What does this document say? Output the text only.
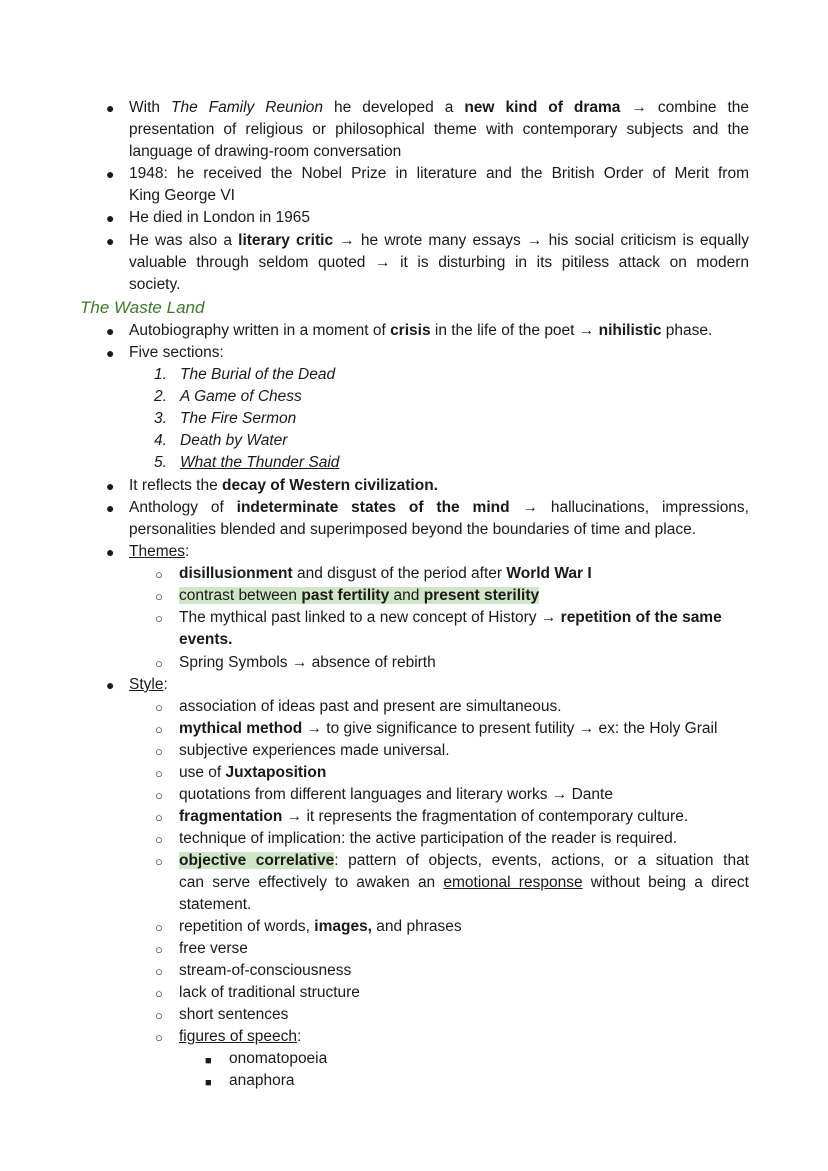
●
With The Family Reunion he developed a new kind of drama → combine the
presentation of religious or philosophical theme with contemporary subjects and the
language of drawing-room conversation
●
1948: he received the Nobel Prize in literature and the British Order of Merit from
King George VI
●
He died in London in 1965
●
He was also a literary critic → he wrote many essays → his social criticism is equally
valuable through seldom quoted → it is disturbing in its pitiless attack on modern
society.
The Waste Land
●
Autobiography written in a moment of crisis in the life of the poet → nihilistic phase.
●
Five sections:
1. The Burial of the Dead
2. A Game of Chess
3. The Fire Sermon
4. Death by Water
5. What the Thunder Said
●
It reflects the decay of Western civilization.
●
Anthology of indeterminate states of the mind → hallucinations, impressions,
personalities blended and superimposed beyond the boundaries of time and place.
●
Themes:
○
disillusionment and disgust of the period after World War I
○
contrast between past fertility and present sterility
○
The mythical past linked to a new concept of History → repetition of the same
events.
○
Spring Symbols → absence of rebirth
●
Style:
○
association of ideas past and present are simultaneous.
○
mythical method → to give significance to present futility → ex: the Holy Grail
○
subjective experiences made universal.
○
use of Juxtaposition
○
quotations from different languages and literary works → Dante
○
fragmentation → it represents the fragmentation of contemporary culture.
○
technique of implication: the active participation of the reader is required.
○
objective correlative: pattern of objects, events, actions, or a situation that
can serve effectively to awaken an emotional response without being a direct
statement.
○
repetition of words, images, and phrases
○
free verse
○
stream-of-consciousness
○
lack of traditional structure
○
short sentences
○
figures of speech:
■
onomatopoeia
■
anaphora
